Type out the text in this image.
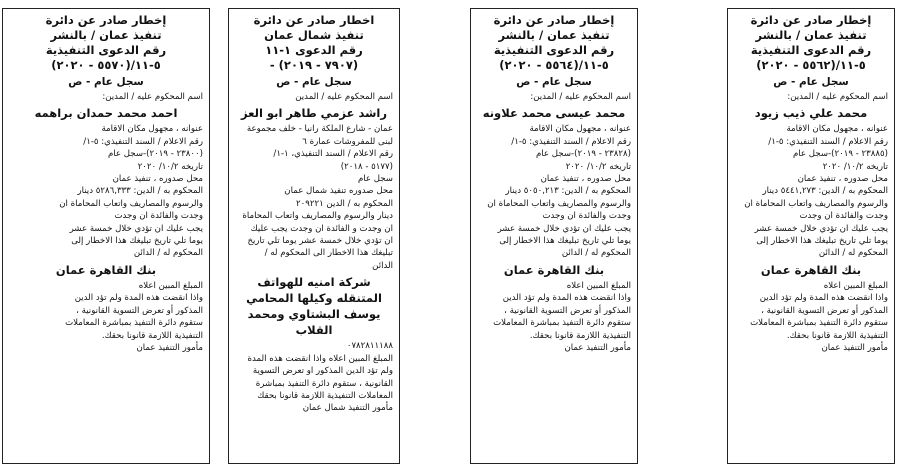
إخطار صادر عن دائرة

تنفيذ عمان / بالنشر

رقم الدعوى التنفيذية

٥-١١/(٥٥٦٢ - ٢٠٢٠)

سجل عام - ص

اسم المحكوم عليه / المدين:

محمد علي ذيب زيود

عنوانه ، مجهول مكان الاقامة

رقم الاعلام / السند التنفيذي: ٥-١/

(٢٣٨٨٥ - ٢٠١٩)-سجل عام

تاريخه ١٠/٢/ ٢٠٢٠

محل صدوره ، تنفيذ عمان

المحكوم به / الدين: ٥٤٤١,٢٧٣ دينار

والرسوم والمصاريف واتعاب المحاماة ان

وجدت والفائدة ان وجدت

يجب عليك ان تؤدي خلال خمسة عشر

يوما تلي تاريخ تبليغك هذا الاخطار إلى

المحكوم له / الدائن

بنك القاهرة عمان

المبلغ المبين اعلاه

واذا انقضت هذه المدة ولم تؤد الدين

المذكور أو تعرض التسوية القانونية ،

ستقوم دائرة التنفيذ بمباشرة المعاملات

التنفيذية اللازمة قانونا بحقك.

مأمور التنفيذ عمان

إخطار صادر عن دائرة

تنفيذ عمان / بالنشر

رقم الدعوى التنفيذية

٥-١١/(٥٥٦٤ - ٢٠٢٠)

سجل عام - ص

اسم المحكوم عليه / المدين:

محمد عيسى محمد علاونه

عنوانه ، مجهول مكان الاقامة

رقم الاعلام / السند التنفيذي: ٥-١/

(٢٣٨٢٨ - ٢٠١٩)-سجل عام

تاريخه ١٠/٢/ ٢٠٢٠

محل صدوره ، تنفيذ عمان

المحكوم به / الدين: ٥٠٥٠,٢١٣ دينار

والرسوم والمصاريف واتعاب المحاماة ان

وجدت والفائدة ان وجدت

يجب عليك ان تؤدي خلال خمسة عشر

يوما تلي تاريخ تبليغك هذا الاخطار إلى

المحكوم له / الدائن

بنك القاهرة عمان

المبلغ المبين اعلاه

واذا انقضت هذه المدة ولم تؤد الدين

المذكور أو تعرض التسوية القانونية ،

ستقوم دائرة التنفيذ بمباشرة المعاملات

التنفيذية اللازمة قانونا بحقك.

مأمور التنفيذ عمان

اخطار صادر عن دائرة

تنفيذ شمال عمان

رقم الدعوى ١-١١

(٧٩٠٧ - ٢٠١٩) -

سجل عام - ص

اسم المحكوم عليه / المدين

راشد عزمي طاهر ابو العز

عمان - شارع الملكة رانيا - خلف مجموعة

لبنى للمفروشات عمارة ٦

رقم الاعلام / السند التنفيذي، ١-١/

(٥١٧٧ - ٢٠١٨)

سجل عام

محل صدوره تنفيذ شمال عمان

المحكوم به / الدين ٢٠٩٢٢١

دينار والرسوم والمصاريف واتعاب المحاماة

ان وجدت و الفائدة ان وجدت يجب عليك

ان تؤدي خلال خمسة عشر يوما تلي تاريخ

تبليغك هذا الاخطار الى المحكوم له /

الدائن

شركة امنيه للهواتف المتنقله وكيلها المحامي يوسف البشتاوي ومحمد القلاب

٠٧٨٢٨١١١٨٨

المبلغ المبين اعلاه واذا انقضت هذه المدة

ولم تؤد الدين المذكور او تعرض التسوية

القانونية ، ستقوم دائرة التنفيذ بمباشرة

المعاملات التنفيذية اللازمة قانونا بحقك

مأمور التنفيذ شمال عمان

إخطار صادر عن دائرة

تنفيذ عمان / بالنشر

رقم الدعوى التنفيذية

٥-١١/(٥٥٧٠ - ٢٠٢٠)

سجل عام - ص

اسم المحكوم عليه / المدين:

احمد محمد حمدان براهمه

عنوانه ، مجهول مكان الاقامة

رقم الاعلام / السند التنفيذي: ٥-١/

(٢٣٨٠٠ - ٢٠١٩)-سجل عام

تاريخه ١٠/٢/ ٢٠٢٠

محل صدوره ، تنفيذ عمان

المحكوم به / الدين: ٥٢٨٦,٣٣٣ دينار

والرسوم والمصاريف واتعاب المحاماة ان

وجدت والفائدة ان وجدت

يجب عليك ان تؤدي خلال خمسة عشر

يوما تلي تاريخ تبليغك هذا الاخطار إلى

المحكوم له / الدائن

بنك القاهرة عمان

المبلغ المبين اعلاه

واذا انقضت هذه المدة ولم تؤد الدين

المذكور أو تعرض التسوية القانونية ،

ستقوم دائرة التنفيذ بمباشرة المعاملات

التنفيذية اللازمة قانونا بحقك.

مأمور التنفيذ عمان
